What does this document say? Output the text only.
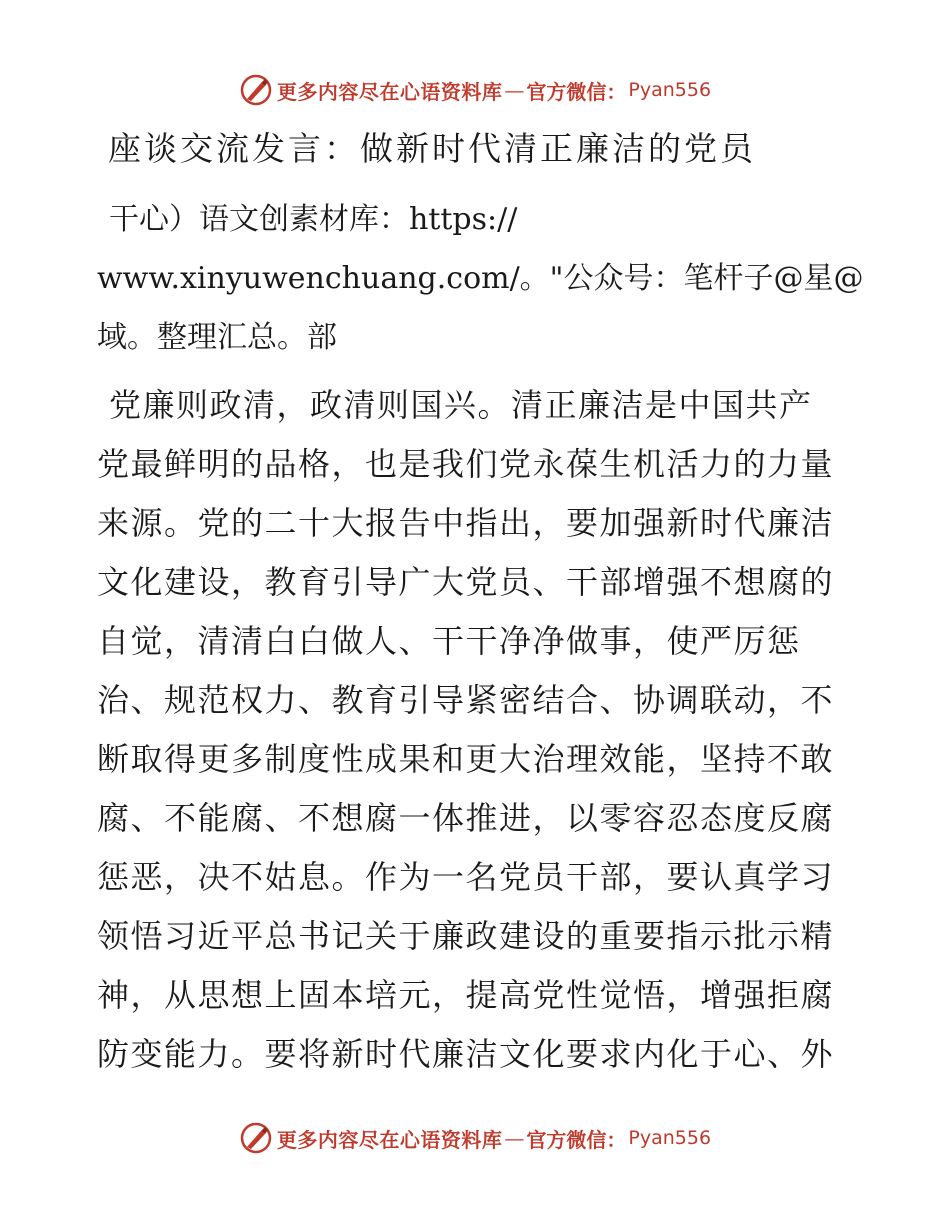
更多内容尽在心语资料库 — 官方微信： Pyan556
座谈交流发言：做新时代清正廉洁的党员
干心）语文创素材库：https://
www.xinyuwenchuang.com/。"公众号：笔杆子@星@
域。整理汇总。部
党廉则政清，政清则国兴。清正廉洁是中国共产
党最鲜明的品格，也是我们党永葆生机活力的力量
来源。党的二十大报告中指出，要加强新时代廉洁
文化建设，教育引导广大党员、干部增强不想腐的
自觉，清清白白做人、干干净净做事，使严厉惩
治、规范权力、教育引导紧密结合、协调联动，不
断取得更多制度性成果和更大治理效能，坚持不敢
腐、不能腐、不想腐一体推进，以零容忍态度反腐
惩恶，决不姑息。作为一名党员干部，要认真学习
领悟习近平总书记关于廉政建设的重要指示批示精
神，从思想上固本培元，提高党性觉悟，增强拒腐
防变能力。要将新时代廉洁文化要求内化于心、外
更多内容尽在心语资料库 — 官方微信： Pyan556
